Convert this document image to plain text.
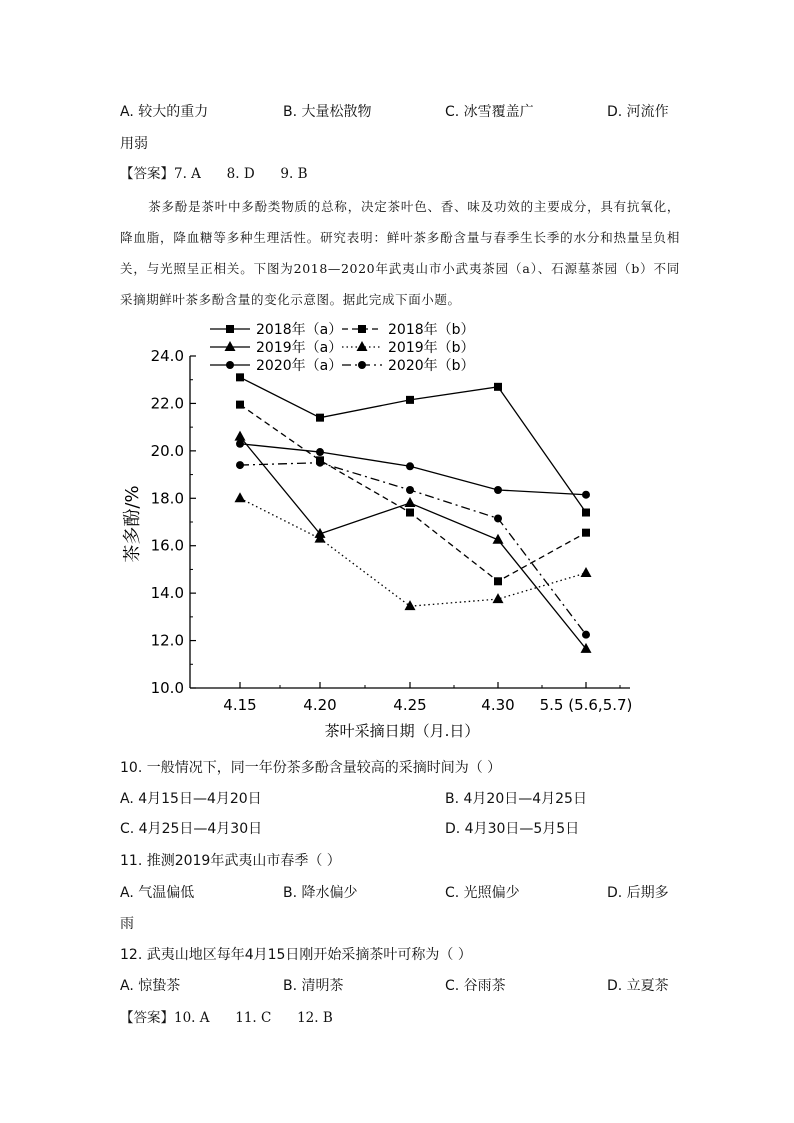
A. 较大的重力	B. 大量松散物	C. 冰雪覆盖广	D. 河流作
用弱
【答案】7. A      8. D      9. B
茶多酚是茶叶中多酚类物质的总称，决定茶叶色、香、味及功效的主要成分，具有抗氧化，降血脂，降血糖等多种生理活性。研究表明：鲜叶茶多酚含量与春季生长季的水分和热量呈负相关，与光照呈正相关。下图为2018—2020年武夷山市小武夷茶园（a）、石源墓茶园（b）不同采摘期鲜叶茶多酚含量的变化示意图。据此完成下面小题。
2018年（a）	2018年（b）
2019年（a）	2019年（b）
2020年（a）	2020年（b）
10.0
12.0
14.0
16.0
18.0
20.0
22.0
24.0
4.15	4.20	4.25	4.30 5.5 (5.6,5.7)
茶多酚/%
茶叶采摘日期（月.日）
10. 一般情况下，同一年份茶多酚含量较高的采摘时间为（ ）
A. 4月15日—4月20日	B. 4月20日—4月25日
C. 4月25日—4月30日	D. 4月30日—5月5日
11. 推测2019年武夷山市春季（ ）
A. 气温偏低	B. 降水偏少	C. 光照偏少	D. 后期多
雨
12. 武夷山地区每年4月15日刚开始采摘茶叶可称为（ ）
A. 惊蛰茶	B. 清明茶	C. 谷雨茶	D. 立夏茶
【答案】10. A      11. C      12. B
